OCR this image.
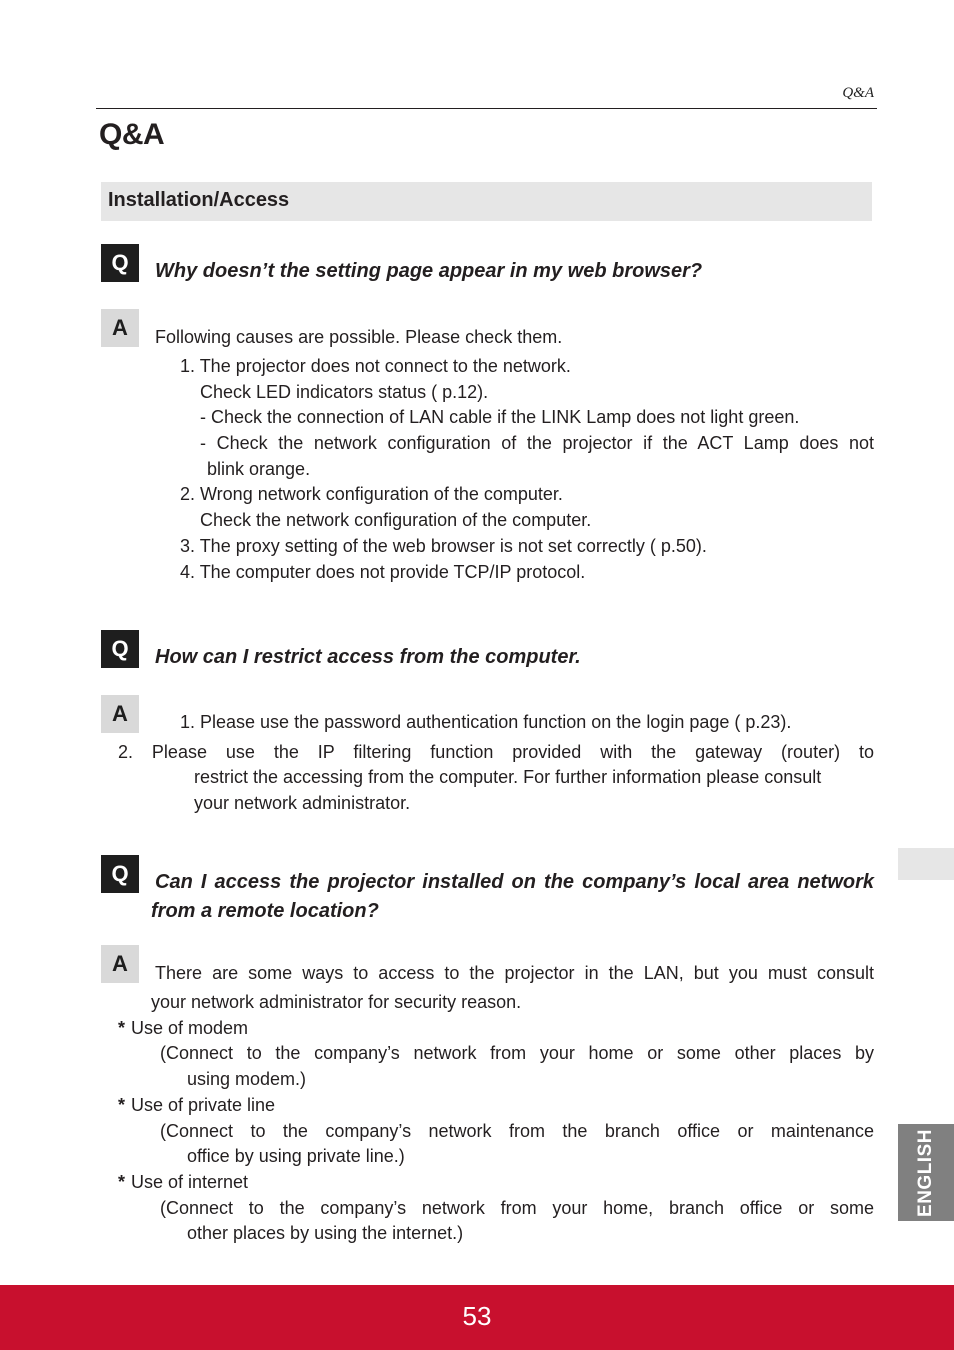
Q&A
Q&A
Installation/Access
Q	Why doesn’t the setting page appear in my web browser?
A	Following causes are possible. Please check them.
1. The projector does not connect to the network.
Check LED indicators status ( p.12).
- Check the connection of LAN cable if the LINK Lamp does not light green.
- Check the network configuration of the projector if the ACT Lamp does not
blink orange.
2. Wrong network configuration of the computer.
Check the network configuration of the computer.
3. The proxy setting of the web browser is not set correctly ( p.50).
4. The computer does not provide TCP/IP protocol.
Q	How can I restrict access from the computer.
A	1. Please use the password authentication function on the login page ( p.23).
2. Please use the IP filtering function provided with the gateway (router) to
restrict the accessing from the computer. For further information please consult
your network administrator.
Q	Can I access the projector installed on the company’s local area network
from a remote location?
A	There are some ways to access to the projector in the LAN, but you must consult
your network administrator for security reason.
* Use of modem
(Connect to the company’s network from your home or some other places by
using modem.)
* Use of private line
(Connect to the company’s network from the branch office or maintenance
office by using private line.)
* Use of internet
(Connect to the company’s network from your home, branch office or some
other places by using the internet.)
ENGLISH
53
